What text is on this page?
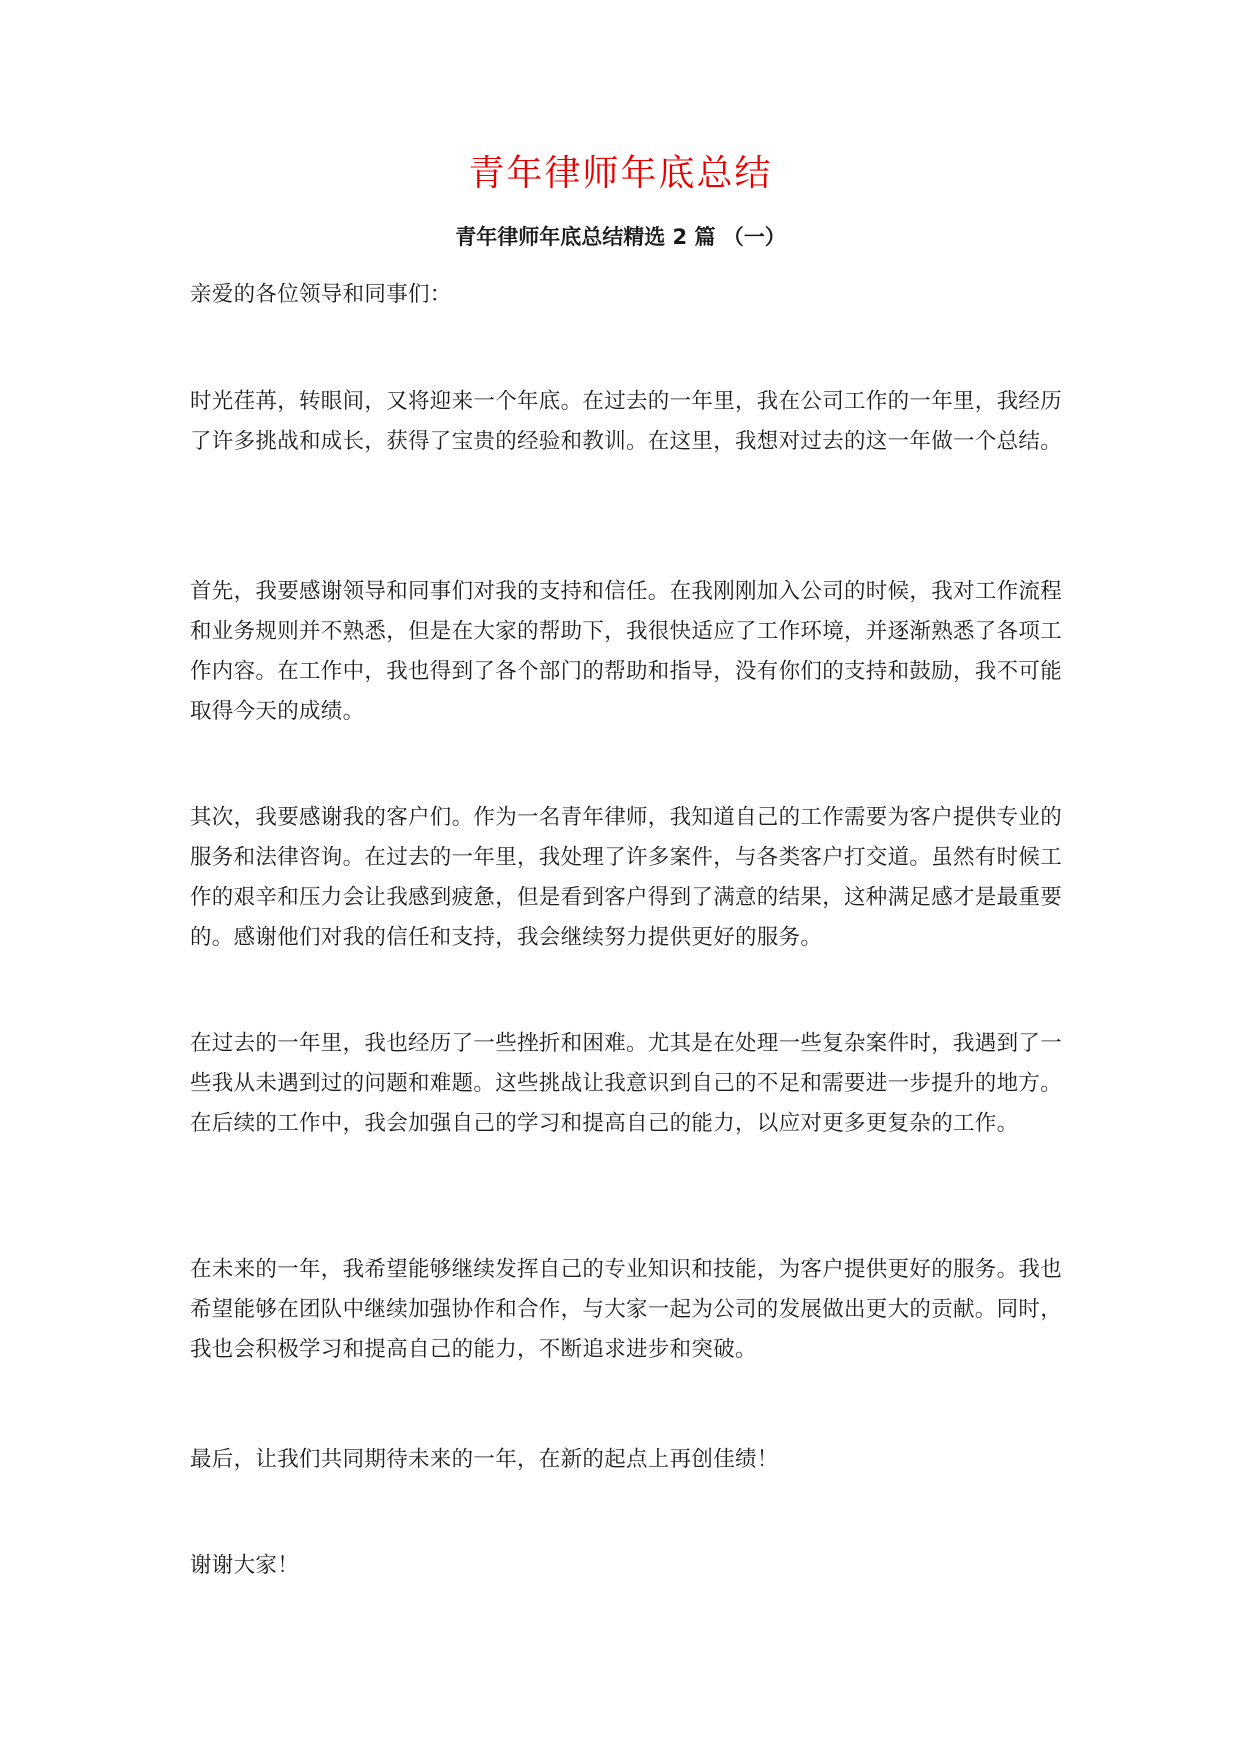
青年律师年底总结
青年律师年底总结精选 2 篇 （一）

亲爱的各位领导和同事们：

时光荏苒，转眼间，又将迎来一个年底。在过去的一年里，我在公司工作的一年里，我经历了许多挑战和成长，获得了宝贵的经验和教训。在这里，我想对过去的这一年做一个总结。

首先，我要感谢领导和同事们对我的支持和信任。在我刚刚加入公司的时候，我对工作流程和业务规则并不熟悉，但是在大家的帮助下，我很快适应了工作环境，并逐渐熟悉了各项工作内容。在工作中，我也得到了各个部门的帮助和指导，没有你们的支持和鼓励，我不可能取得今天的成绩。

其次，我要感谢我的客户们。作为一名青年律师，我知道自己的工作需要为客户提供专业的服务和法律咨询。在过去的一年里，我处理了许多案件，与各类客户打交道。虽然有时候工作的艰辛和压力会让我感到疲惫，但是看到客户得到了满意的结果，这种满足感才是最重要的。感谢他们对我的信任和支持，我会继续努力提供更好的服务。

在过去的一年里，我也经历了一些挫折和困难。尤其是在处理一些复杂案件时，我遇到了一些我从未遇到过的问题和难题。这些挑战让我意识到自己的不足和需要进一步提升的地方。在后续的工作中，我会加强自己的学习和提高自己的能力，以应对更多更复杂的工作。

在未来的一年，我希望能够继续发挥自己的专业知识和技能，为客户提供更好的服务。我也希望能够在团队中继续加强协作和合作，与大家一起为公司的发展做出更大的贡献。同时，我也会积极学习和提高自己的能力，不断追求进步和突破。

最后，让我们共同期待未来的一年，在新的起点上再创佳绩！

谢谢大家！
